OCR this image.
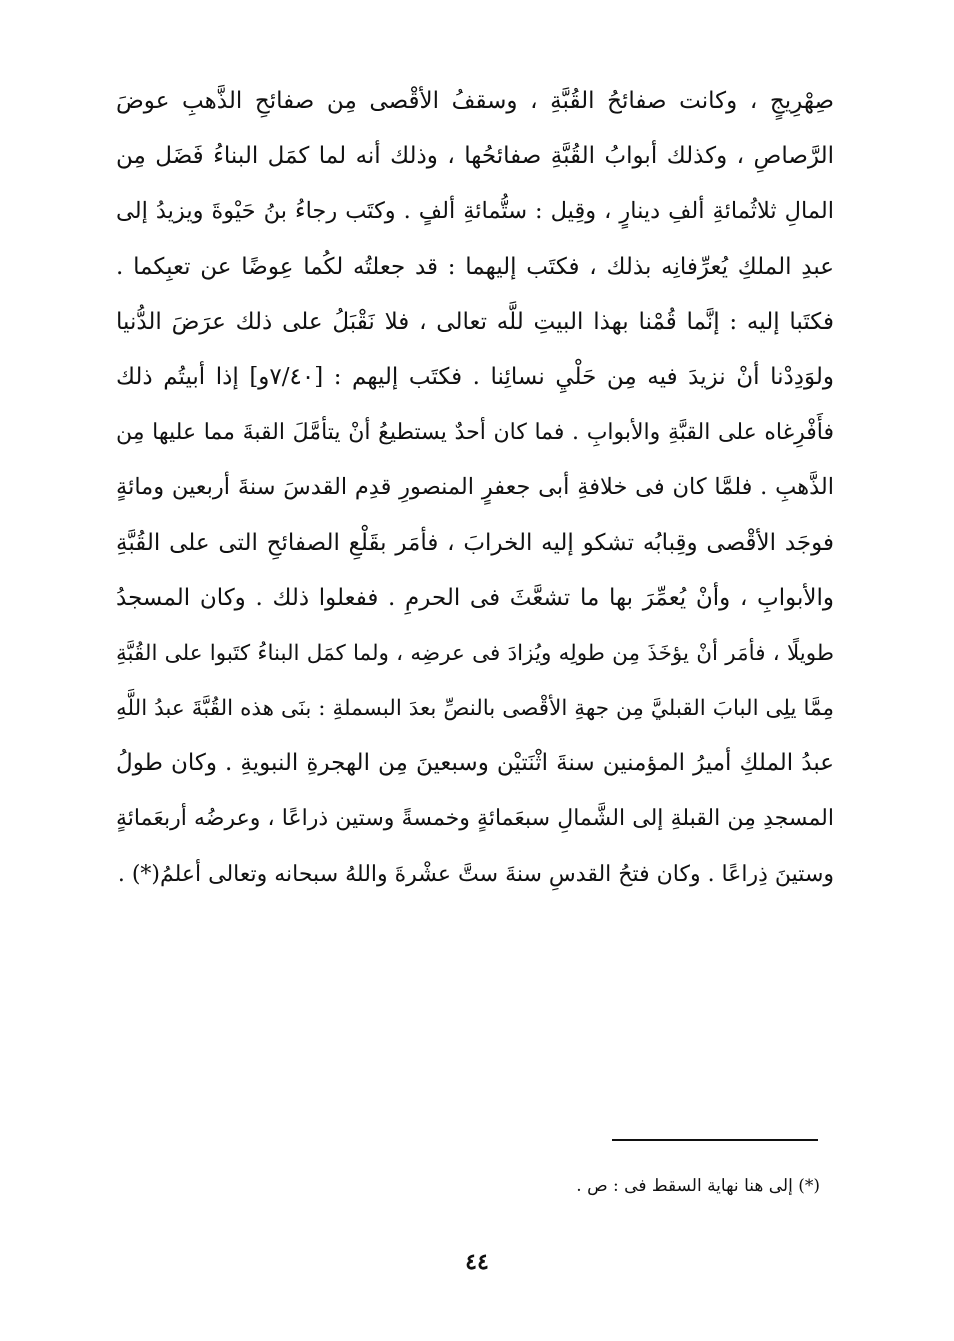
صِهْرِيجٍ ، وكانت صفائحُ القُبَّةِ ، وسقفُ الأقْصى مِن صفائحِ الذَّهبِ عوضَ
الرَّصاصِ ، وكذلك أبوابُ القُبَّةِ صفائحُها ، وذلك أنه لما كمَل البناءُ فَضَل مِن
المالِ ثلاثُمائةِ ألفِ دينارٍ ، وقِيل : ستُّمائةِ ألفٍ . وكتَب رجاءُ بنُ حَيْوةَ ويزيدُ إلى
عبدِ الملكِ يُعرِّفانِه بذلك ، فكتَب إليهما : قد جعلتُه لكُما عِوضًا عن تعبِكما .
فكتَبا إليه : إنَّما قُمْنا بهذا البيتِ للَّه تعالى ، فلا نَقْبَلُ على ذلك عرَضَ الدُّنيا
ولوَدِدْنا أنْ نزيدَ فيه مِن حَلْيِ نسائِنا . فكتَب إليهم : [٧/٤٠و] إذا أبيتُم ذلك
فأَفْرِغاه على القبَّةِ والأبوابِ . فما كان أحدٌ يستطيعُ أنْ يتأمَّلَ القبةَ مما عليها مِن
الذَّهبِ . فلمَّا كان فى خلافةِ أبى جعفرٍ المنصورِ قدِم القدسَ سنةَ أربعين ومائةٍ
فوجَد الأقْصى وقِبابُه تشكو إليه الخرابَ ، فأمَر بقَلْعِ الصفائحِ التى على القُبَّةِ
والأبوابِ ، وأنْ يُعمِّرَ بها ما تشعَّثَ فى الحرمِ . ففعلوا ذلك . وكان المسجدُ
طويلًا ، فأمَر أنْ يؤخَذَ مِن طولِه ويُزادَ فى عرضِه ، ولما كمَل البناءُ كتَبوا على القُبَّةِ
مِمَّا يلِى البابَ القبليَّ مِن جهةِ الأقْصى بالنصِّ بعدَ البسملةِ : بنَى هذه القُبَّةَ عبدُ اللَّهِ
عبدُ الملكِ أميرُ المؤمنين سنةَ اثْنَتيْن وسبعينَ مِن الهجرةِ النبويةِ . وكان طولُ
المسجدِ مِن القبلةِ إلى الشَّمالِ سبعَمائةٍ وخمسةً وستين ذراعًا ، وعرضُه أربعَمائةٍ
وستينَ ذِراعًا . وكان فتحُ القدسِ سنةَ ستَّ عشْرةَ واللهُ سبحانه وتعالى أعلمُ(*) .
(*) إلى هنا نهاية السقط فى : ص .
٤٤
